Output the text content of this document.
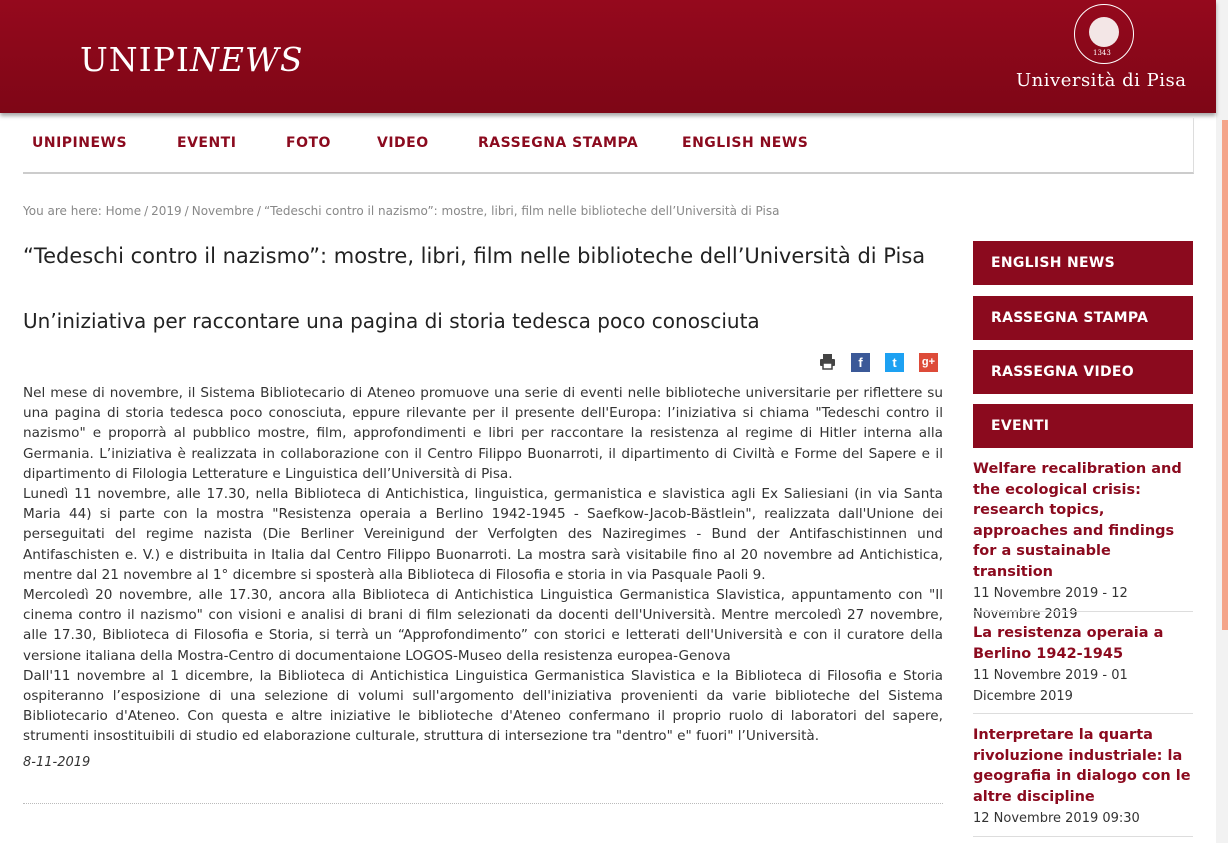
UNIPINEWS	1343
Università di Pisa
UNIPINEWS	EVENTI	FOTO	VIDEO	RASSEGNA STAMPA	ENGLISH NEWS
You are here: Home / 2019 / Novembre / “Tedeschi contro il nazismo”: mostre, libri, film nelle biblioteche dell’Università di Pisa
“Tedeschi contro il nazismo”: mostre, libri, film nelle biblioteche dell’Università di Pisa
Un’iniziativa per raccontare una pagina di storia tedesca poco conosciuta
f	t	g+

Nel mese di novembre, il Sistema Bibliotecario di Ateneo promuove una serie di eventi nelle biblioteche universitarie per riflettere su una pagina di storia tedesca poco conosciuta, eppure rilevante per il presente dell'Europa: l’iniziativa si chiama "Tedeschi contro il nazismo" e proporrà al pubblico mostre, film, approfondimenti e libri per raccontare la resistenza al regime di Hitler interna alla Germania. L’iniziativa è realizzata in collaborazione con il Centro Filippo Buonarroti, il dipartimento di Civiltà e Forme del Sapere e il dipartimento di Filologia Letterature e Linguistica dell’Università di Pisa.

Lunedì 11 novembre, alle 17.30, nella Biblioteca di Antichistica, linguistica, germanistica e slavistica agli Ex Saliesiani (in via Santa Maria 44) si parte con la mostra "Resistenza operaia a Berlino 1942-1945 - Saefkow-Jacob-Bästlein", realizzata dall'Unione dei perseguitati del regime nazista (Die Berliner Vereinigund der Verfolgten des Naziregimes - Bund der Antifaschistinnen und Antifaschisten e. V.) e distribuita in Italia dal Centro Filippo Buonarroti. La mostra sarà visitabile fino al 20 novembre ad Antichistica, mentre dal 21 novembre al 1° dicembre si sposterà alla Biblioteca di Filosofia e storia in via Pasquale Paoli 9.

Mercoledì 20 novembre, alle 17.30, ancora alla Biblioteca di Antichistica Linguistica Germanistica Slavistica, appuntamento con "Il cinema contro il nazismo" con visioni e analisi di brani di film selezionati da docenti dell'Università. Mentre mercoledì 27 novembre, alle 17.30, Biblioteca di Filosofia e Storia, si terrà un “Approfondimento” con storici e letterati dell'Università e con il curatore della versione italiana della Mostra-Centro di documentaione LOGOS-Museo della resistenza europea-Genova

Dall'11 novembre al 1 dicembre, la Biblioteca di Antichistica Linguistica Germanistica Slavistica e la Biblioteca di Filosofia e Storia ospiteranno l’esposizione di una selezione di volumi sull'argomento dell'iniziativa provenienti da varie biblioteche del Sistema Bibliotecario d'Ateneo. Con questa e altre iniziative le biblioteche d'Ateneo confermano il proprio ruolo di laboratori del sapere, strumenti insostituibili di studio ed elaborazione culturale, struttura di intersezione tra "dentro" e" fuori" l’Università.

8-11-2019
ENGLISH NEWS
RASSEGNA STAMPA
RASSEGNA VIDEO
EVENTI
Welfare recalibration and the ecological crisis: research topics, approaches and findings for a sustainable transition
11 Novembre 2019 - 12 Novembre 2019
La resistenza operaia a Berlino 1942-1945
11 Novembre 2019 - 01 Dicembre 2019
Interpretare la quarta rivoluzione industriale: la geografia in dialogo con le altre discipline
12 Novembre 2019 09:30
